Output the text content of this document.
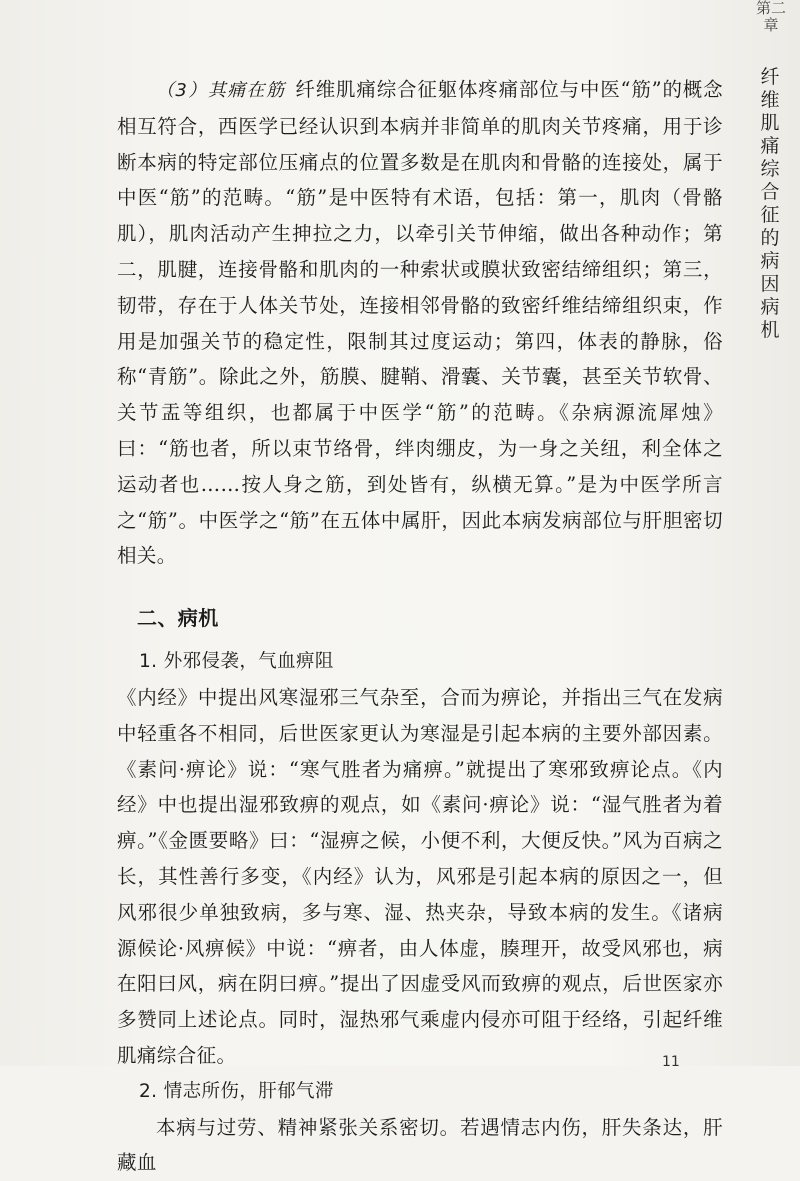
第二章
纤维肌痛综合征的病因病机

（3）其痛在筋 纤维肌痛综合征躯体疼痛部位与中医“筋”的概念相互符合，西医学已经认识到本病并非简单的肌肉关节疼痛，用于诊断本病的特定部位压痛点的位置多数是在肌肉和骨骼的连接处，属于中医“筋”的范畴。“筋”是中医特有术语，包括：第一，肌肉（骨骼肌），肌肉活动产生抻拉之力，以牵引关节伸缩，做出各种动作；第二，肌腱，连接骨骼和肌肉的一种索状或膜状致密结缔组织；第三，韧带，存在于人体关节处，连接相邻骨骼的致密纤维结缔组织束，作用是加强关节的稳定性，限制其过度运动；第四，体表的静脉，俗称“青筋”。除此之外，筋膜、腱鞘、滑囊、关节囊，甚至关节软骨、关节盂等组织，也都属于中医学“筋”的范畴。《杂病源流犀烛》曰：“筋也者，所以束节络骨，绊肉绷皮，为一身之关纽，利全体之运动者也……按人身之筋，到处皆有，纵横无算。”是为中医学所言之“筋”。中医学之“筋”在五体中属肝，因此本病发病部位与肝胆密切相关。

二、病机

1. 外邪侵袭，气血痹阻

《内经》中提出风寒湿邪三气杂至，合而为痹论，并指出三气在发病中轻重各不相同，后世医家更认为寒湿是引起本病的主要外部因素。《素问·痹论》说：“寒气胜者为痛痹。”就提出了寒邪致痹论点。《内经》中也提出湿邪致痹的观点，如《素问·痹论》说：“湿气胜者为着痹。”《金匮要略》曰：“湿痹之候，小便不利，大便反快。”风为百病之长，其性善行多变，《内经》认为，风邪是引起本病的原因之一，但风邪很少单独致病，多与寒、湿、热夹杂，导致本病的发生。《诸病源候论·风痹候》中说：“痹者，由人体虚，腠理开，故受风邪也，病在阳曰风，病在阴曰痹。”提出了因虚受风而致痹的观点，后世医家亦多赞同上述论点。同时，湿热邪气乘虚内侵亦可阻于经络，引起纤维肌痛综合征。

2. 情志所伤，肝郁气滞

本病与过劳、精神紧张关系密切。若遇情志内伤，肝失条达，肝藏血

11
